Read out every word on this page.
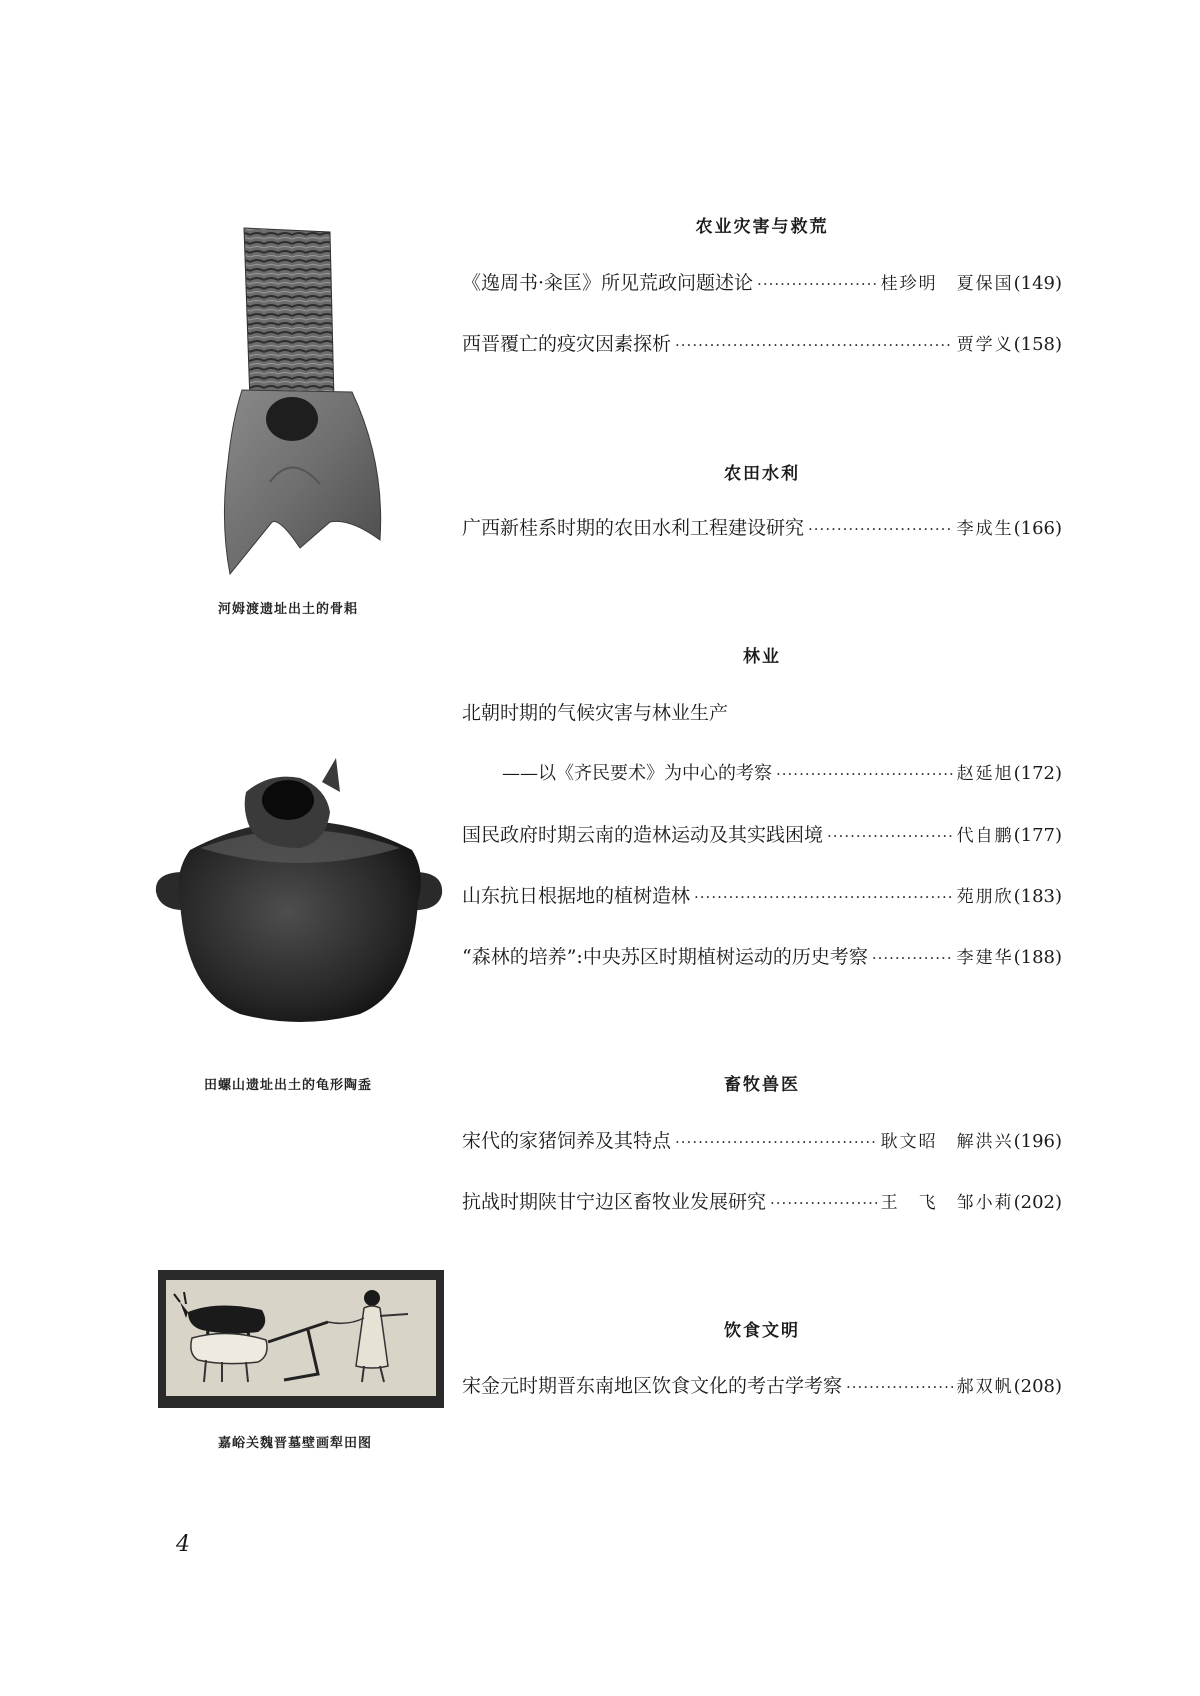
河姆渡遗址出土的骨耜
田螺山遗址出土的龟形陶盉
嘉峪关魏晋墓壁画犁田图
农业灾害与救荒
《逸周书·籴匡》所见荒政问题述论 ·····	桂珍明　夏保国 (149)
西晋覆亡的疫灾因素探析 ·····	贾学义 (158)
农田水利
广西新桂系时期的农田水利工程建设研究 ·····	李成生 (166)
林业
北朝时期的气候灾害与林业生产
——以《齐民要术》为中心的考察 ·····	赵延旭 (172)
国民政府时期云南的造林运动及其实践困境 ·····	代自鹏 (177)
山东抗日根据地的植树造林 ·····	苑朋欣 (183)
“森林的培养”:中央苏区时期植树运动的历史考察 ·····	李建华 (188)
畜牧兽医
宋代的家猪饲养及其特点 ·····	耿文昭　解洪兴 (196)
抗战时期陕甘宁边区畜牧业发展研究 ·····	王　飞　邹小莉 (202)
饮食文明
宋金元时期晋东南地区饮食文化的考古学考察 ·····	郝双帆 (208)
4
